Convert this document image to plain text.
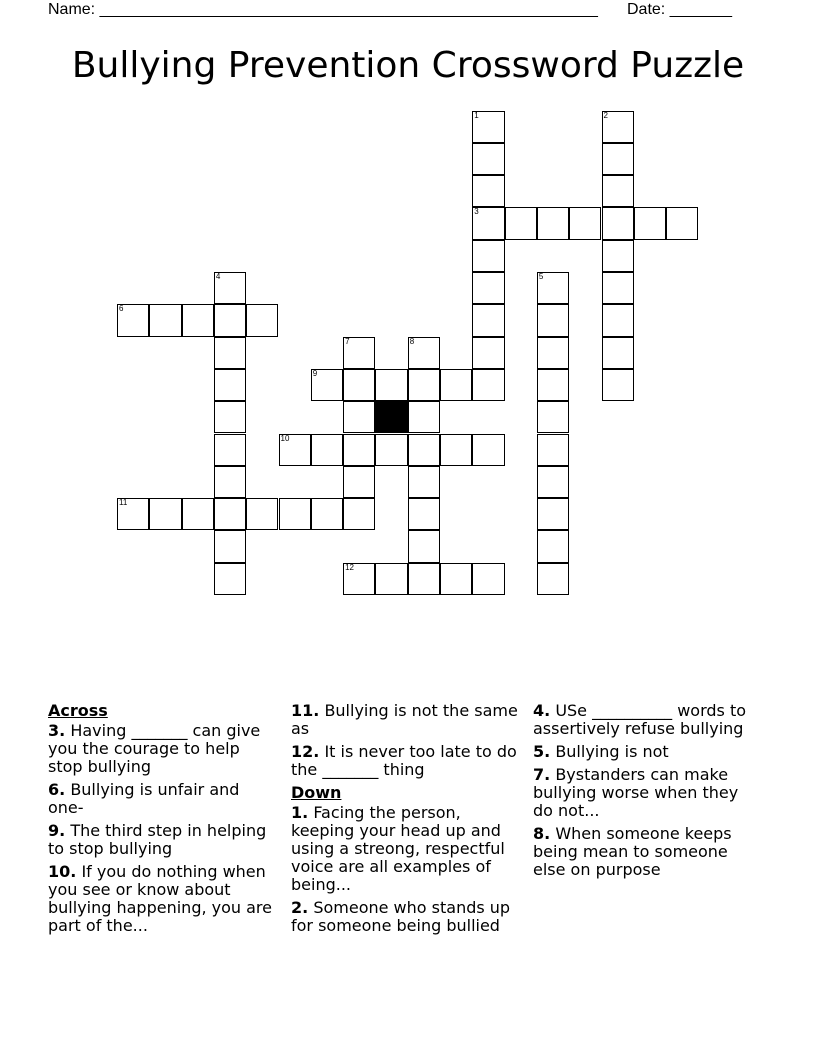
Name: ________________________________________________________ Date: _______
Bullying Prevention Crossword Puzzle
1
3
2
4	5
6
7	8
9
10
11
12
Across
3. Having _______ can give you the courage to help stop bullying
6. Bullying is unfair and one-
9. The third step in helping to stop bullying
10. If you do nothing when you see or know about bullying happening, you are part of the...
11. Bullying is not the same as
12. It is never too late to do the _______ thing
Down
1. Facing the person, keeping your head up and using a streong, respectful voice are all examples of being...
2. Someone who stands up for someone being bullied
4. USe __________ words to assertively refuse bullying
5. Bullying is not
7. Bystanders can make bullying worse when they do not...
8. When someone keeps being mean to someone else on purpose
